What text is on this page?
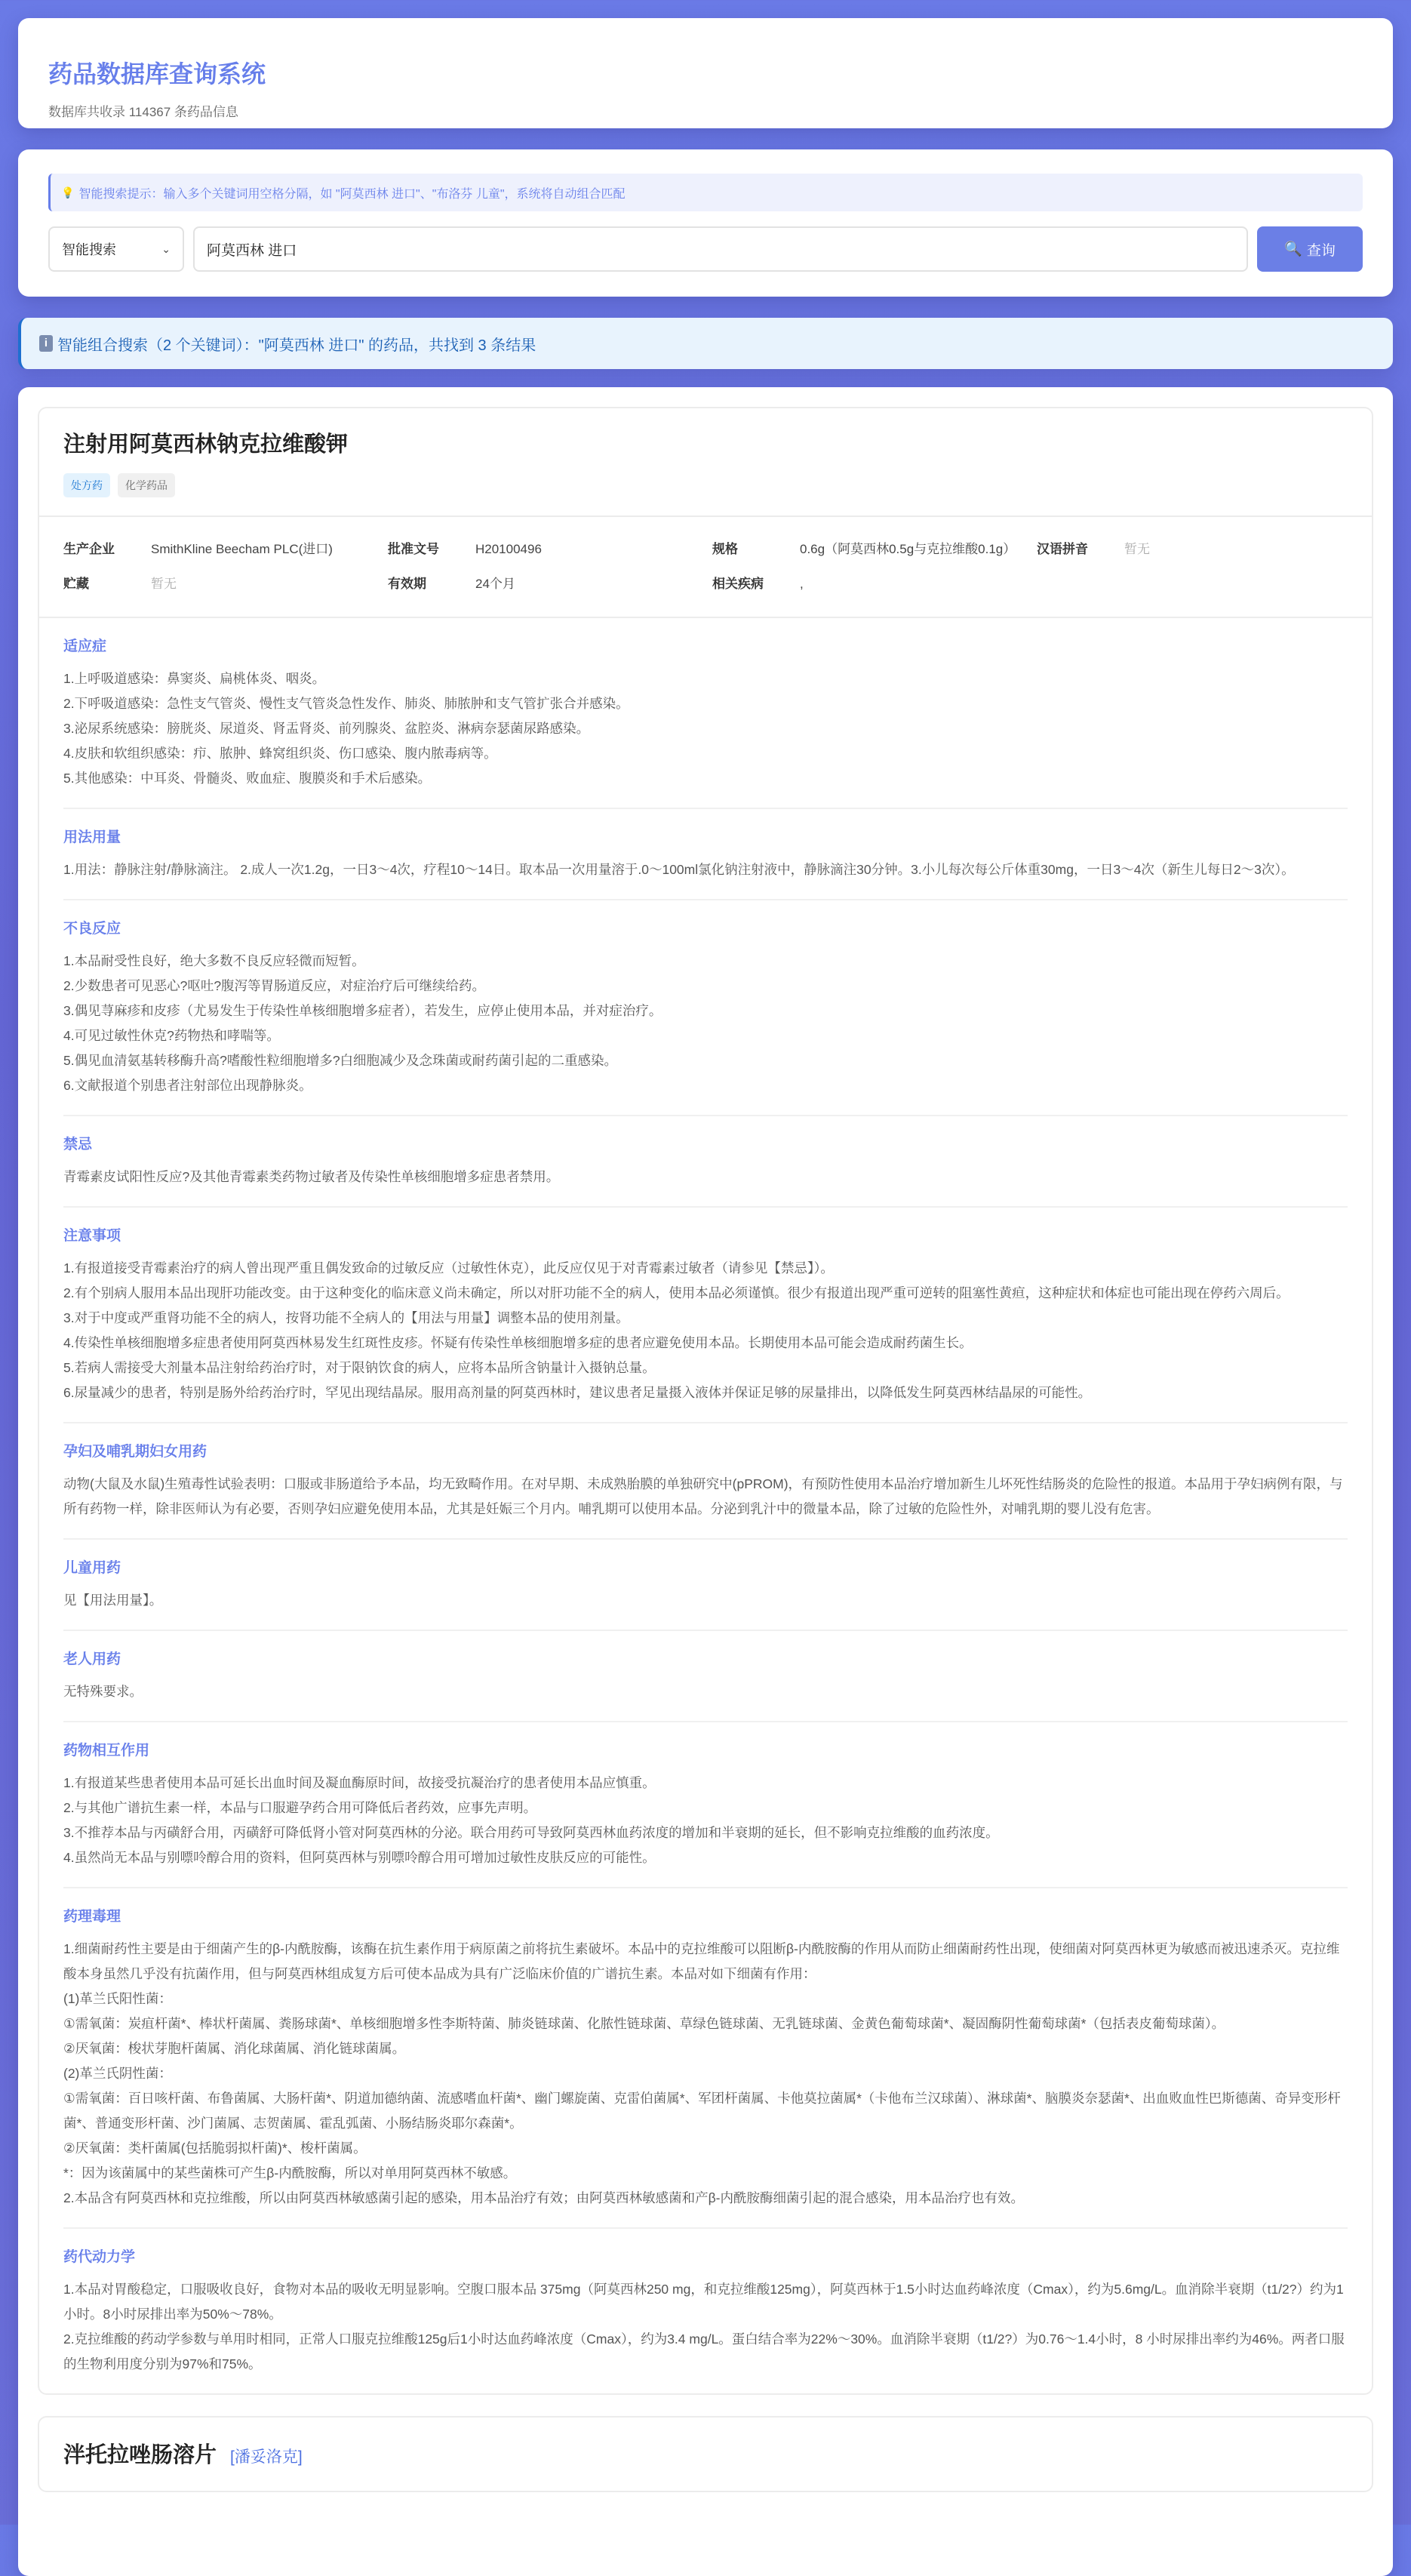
药品数据库查询系统
数据库共收录 114367 条药品信息
💡 智能搜索提示：输入多个关键词用空格分隔，如 "阿莫西林 进口"、"布洛芬 儿童"，系统将自动组合匹配
智能搜索	⌄	阿莫西林 进口	🔍 查询
i 智能组合搜索（2 个关键词）："阿莫西林 进口" 的药品，共找到 3 条结果
注射用阿莫西林钠克拉维酸钾
处方药	化学药品
生产企业	SmithKline Beecham PLC(进口)	批准文号	H20100496	规格	0.6g（阿莫西林0.5g与克拉维酸0.1g）	汉语拼音	暂无
贮藏	暂无	有效期	24个月	相关疾病	,
适应症

1.上呼吸道感染：鼻窦炎、扁桃体炎、咽炎。

2.下呼吸道感染：急性支气管炎、慢性支气管炎急性发作、肺炎、肺脓肿和支气管扩张合并感染。

3.泌尿系统感染：膀胱炎、尿道炎、肾盂肾炎、前列腺炎、盆腔炎、淋病奈瑟菌尿路感染。

4.皮肤和软组织感染：疖、脓肿、蜂窝组织炎、伤口感染、腹内脓毒病等。

5.其他感染：中耳炎、骨髓炎、败血症、腹膜炎和手术后感染。

用法用量

1.用法：静脉注射/静脉滴注。 2.成人一次1.2g，一日3～4次，疗程10～14日。取本品一次用量溶于.0～100ml氯化钠注射液中，静脉滴注30分钟。3.小儿每次每公斤体重30mg，一日3～4次（新生儿每日2～3次）。

不良反应

1.本品耐受性良好，绝大多数不良反应轻微而短暂。

2.少数患者可见恶心?呕吐?腹泻等胃肠道反应，对症治疗后可继续给药。

3.偶见荨麻疹和皮疹（尤易发生于传染性单核细胞增多症者），若发生，应停止使用本品，并对症治疗。

4.可见过敏性休克?药物热和哮喘等。

5.偶见血清氨基转移酶升高?嗜酸性粒细胞增多?白细胞减少及念珠菌或耐药菌引起的二重感染。

6.文献报道个别患者注射部位出现静脉炎。

禁忌

青霉素皮试阳性反应?及其他青霉素类药物过敏者及传染性单核细胞增多症患者禁用。

注意事项

1.有报道接受青霉素治疗的病人曾出现严重且偶发致命的过敏反应（过敏性休克），此反应仅见于对青霉素过敏者（请参见【禁忌】）。

2.有个别病人服用本品出现肝功能改变。由于这种变化的临床意义尚未确定，所以对肝功能不全的病人，使用本品必须谨慎。很少有报道出现严重可逆转的阻塞性黄疸，这种症状和体症也可能出现在停药六周后。

3.对于中度或严重肾功能不全的病人，按肾功能不全病人的【用法与用量】调整本品的使用剂量。

4.传染性单核细胞增多症患者使用阿莫西林易发生红斑性皮疹。怀疑有传染性单核细胞增多症的患者应避免使用本品。长期使用本品可能会造成耐药菌生长。

5.若病人需接受大剂量本品注射给药治疗时，对于限钠饮食的病人，应将本品所含钠量计入摄钠总量。

6.尿量减少的患者，特别是肠外给药治疗时，罕见出现结晶尿。服用高剂量的阿莫西林时，建议患者足量摄入液体并保证足够的尿量排出，以降低发生阿莫西林结晶尿的可能性。

孕妇及哺乳期妇女用药

动物(大鼠及水鼠)生殖毒性试验表明：口服或非肠道给予本品，均无致畸作用。在对早期、未成熟胎膜的单独研究中(pPROM)，有预防性使用本品治疗增加新生儿坏死性结肠炎的危险性的报道。本品用于孕妇病例有限，与所有药物一样，除非医师认为有必要，否则孕妇应避免使用本品，尤其是妊娠三个月内。哺乳期可以使用本品。分泌到乳汁中的微量本品，除了过敏的危险性外，对哺乳期的婴儿没有危害。

儿童用药

见【用法用量】。

老人用药

无特殊要求。

药物相互作用

1.有报道某些患者使用本品可延长出血时间及凝血酶原时间，故接受抗凝治疗的患者使用本品应慎重。

2.与其他广谱抗生素一样，本品与口服避孕药合用可降低后者药效，应事先声明。

3.不推荐本品与丙磺舒合用，丙磺舒可降低肾小管对阿莫西林的分泌。联合用药可导致阿莫西林血药浓度的增加和半衰期的延长，但不影响克拉维酸的血药浓度。

4.虽然尚无本品与别嘌呤醇合用的资料，但阿莫西林与别嘌呤醇合用可增加过敏性皮肤反应的可能性。

药理毒理

1.细菌耐药性主要是由于细菌产生的β-内酰胺酶，该酶在抗生素作用于病原菌之前将抗生素破坏。本品中的克拉维酸可以阻断β-内酰胺酶的作用从而防止细菌耐药性出现，使细菌对阿莫西林更为敏感而被迅速杀灭。克拉维酸本身虽然几乎没有抗菌作用，但与阿莫西林组成复方后可使本品成为具有广泛临床价值的广谱抗生素。本品对如下细菌有作用：

(1)革兰氏阳性菌：

①需氧菌：炭疽杆菌*、棒状杆菌属、粪肠球菌*、单核细胞增多性李斯特菌、肺炎链球菌、化脓性链球菌、草绿色链球菌、无乳链球菌、金黄色葡萄球菌*、凝固酶阴性葡萄球菌*（包括表皮葡萄球菌）。

②厌氧菌：梭状芽胞杆菌属、消化球菌属、消化链球菌属。

(2)革兰氏阴性菌：

①需氧菌：百日咳杆菌、布鲁菌属、大肠杆菌*、阴道加德纳菌、流感嗜血杆菌*、幽门螺旋菌、克雷伯菌属*、军团杆菌属、卡他莫拉菌属*（卡他布兰汉球菌）、淋球菌*、脑膜炎奈瑟菌*、出血败血性巴斯德菌、奇异变形杆菌*、普通变形杆菌、沙门菌属、志贺菌属、霍乱弧菌、小肠结肠炎耶尔森菌*。

②厌氧菌：类杆菌属(包括脆弱拟杆菌)*、梭杆菌属。

*：因为该菌属中的某些菌株可产生β-内酰胺酶，所以对单用阿莫西林不敏感。

2.本品含有阿莫西林和克拉维酸，所以由阿莫西林敏感菌引起的感染，用本品治疗有效；由阿莫西林敏感菌和产β-内酰胺酶细菌引起的混合感染，用本品治疗也有效。

药代动力学

1.本品对胃酸稳定，口服吸收良好，食物对本品的吸收无明显影响。空腹口服本品 375mg（阿莫西林250 mg，和克拉维酸125mg），阿莫西林于1.5小时达血药峰浓度（Cmax），约为5.6mg/L。血消除半衰期（t1/2?）约为1小时。8小时尿排出率为50%～78%。

2.克拉维酸的药动学参数与单用时相同，正常人口服克拉维酸125g后1小时达血药峰浓度（Cmax），约为3.4 mg/L。蛋白结合率为22%～30%。血消除半衰期（t1/2?）为0.76～1.4小时，8 小时尿排出率约为46%。两者口服的生物利用度分别为97%和75%。

泮托拉唑肠溶片 [潘妥洛克]
